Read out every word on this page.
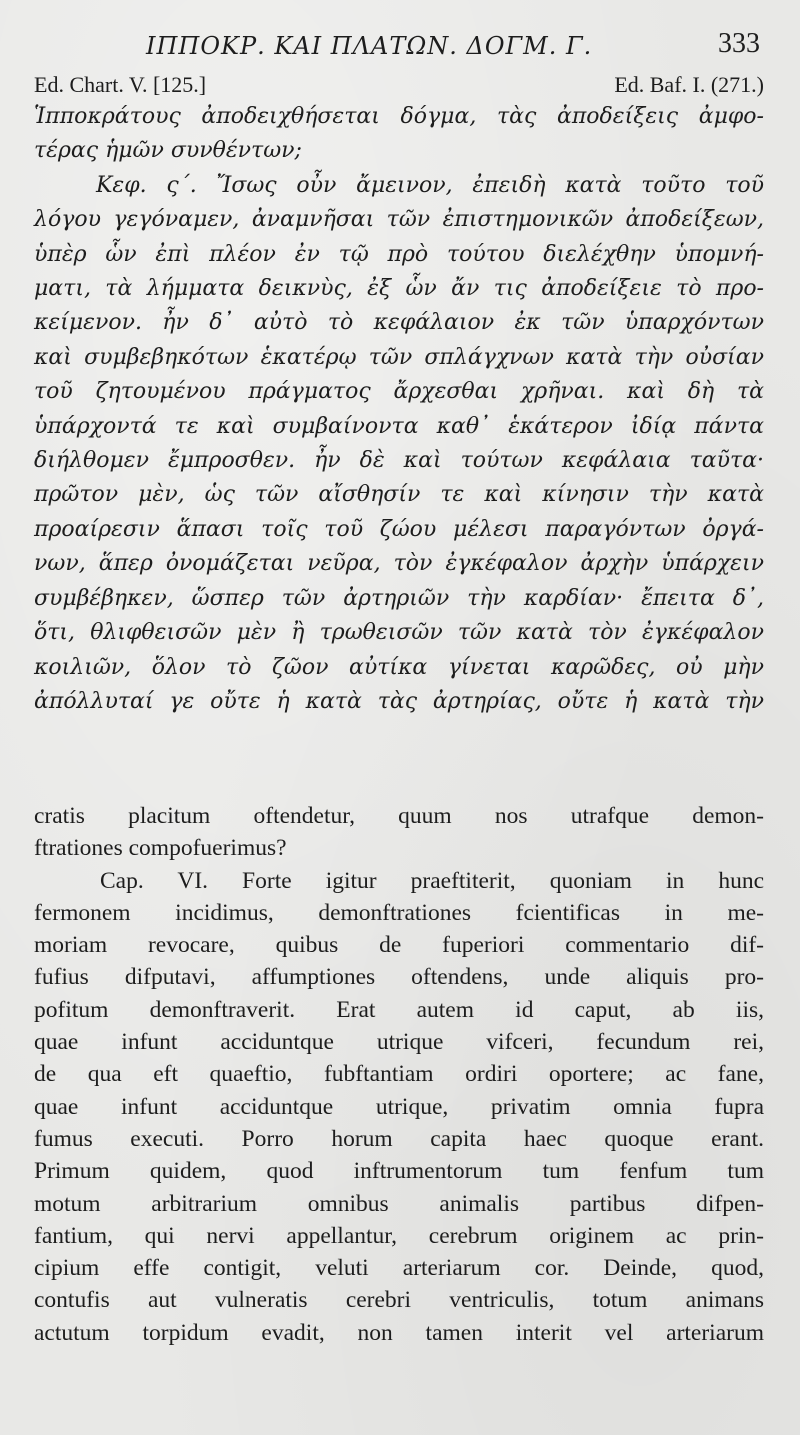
ΙΠΠΟΚΡ. ΚΑΙ ΠΛΑΤΩΝ. ΔΟΓΜ. Γ.	333
Ed. Chart. V. [125.]	Ed. Baf. I. (271.)
Ἱπποκράτους ἀποδειχθήσεται δόγμα, τὰς ἀποδείξεις ἀμφο-
τέρας ἡμῶν συνθέντων;
Κεφ. ς΄. Ἴσως οὖν ἄμεινον, ἐπειδὴ κατὰ τοῦτο τοῦ
λόγου γεγόναμεν, ἀναμνῆσαι τῶν ἐπιστημονικῶν ἀποδείξεων,
ὑπὲρ ὧν ἐπὶ πλέον ἐν τῷ πρὸ τούτου διελέχθην ὑπομνή-
ματι, τὰ λήμματα δεικνὺς, ἐξ ὧν ἄν τις ἀποδείξειε τὸ προ-
κείμενον. ἦν δ᾽ αὐτὸ τὸ κεφάλαιον ἐκ τῶν ὑπαρχόντων
καὶ συμβεβηκότων ἑκατέρῳ τῶν σπλάγχνων κατὰ τὴν οὐσίαν
τοῦ ζητουμένου πράγματος ἄρχεσθαι χρῆναι. καὶ δὴ τὰ
ὑπάρχοντά τε καὶ συμβαίνοντα καθ᾽ ἑκάτερον ἰδίᾳ πάντα
διήλθομεν ἔμπροσθεν. ἦν δὲ καὶ τούτων κεφάλαια ταῦτα·
πρῶτον μὲν, ὡς τῶν αἴσθησίν τε καὶ κίνησιν τὴν κατὰ
προαίρεσιν ἅπασι τοῖς τοῦ ζώου μέλεσι παραγόντων ὀργά-
νων, ἅπερ ὀνομάζεται νεῦρα, τὸν ἐγκέφαλον ἀρχὴν ὑπάρχειν
συμβέβηκεν, ὥσπερ τῶν ἀρτηριῶν τὴν καρδίαν· ἔπειτα δ᾽,
ὅτι, θλιφθεισῶν μὲν ἢ τρωθεισῶν τῶν κατὰ τὸν ἐγκέφαλον
κοιλιῶν, ὅλον τὸ ζῶον αὐτίκα γίνεται καρῶδες, οὐ μὴν
ἀπόλλυταί γε οὔτε ἡ κατὰ τὰς ἀρτηρίας, οὔτε ἡ κατὰ τὴν
cratis placitum oftendetur, quum nos utrafque demon-
ftrationes compofuerimus?
Cap. VI. Forte igitur praeftiterit, quoniam in hunc
fermonem incidimus, demonftrationes fcientificas in me-
moriam revocare, quibus de fuperiori commentario dif-
fufius difputavi, affumptiones oftendens, unde aliquis pro-
pofitum demonftraverit. Erat autem id caput, ab iis,
quae infunt acciduntque utrique vifceri, fecundum rei,
de qua eft quaeftio, fubftantiam ordiri oportere; ac fane,
quae infunt acciduntque utrique, privatim omnia fupra
fumus executi. Porro horum capita haec quoque erant.
Primum quidem, quod inftrumentorum tum fenfum tum
motum arbitrarium omnibus animalis partibus difpen-
fantium, qui nervi appellantur, cerebrum originem ac prin-
cipium effe contigit, veluti arteriarum cor. Deinde, quod,
contufis aut vulneratis cerebri ventriculis, totum animans
actutum torpidum evadit, non tamen interit vel arteriarum
